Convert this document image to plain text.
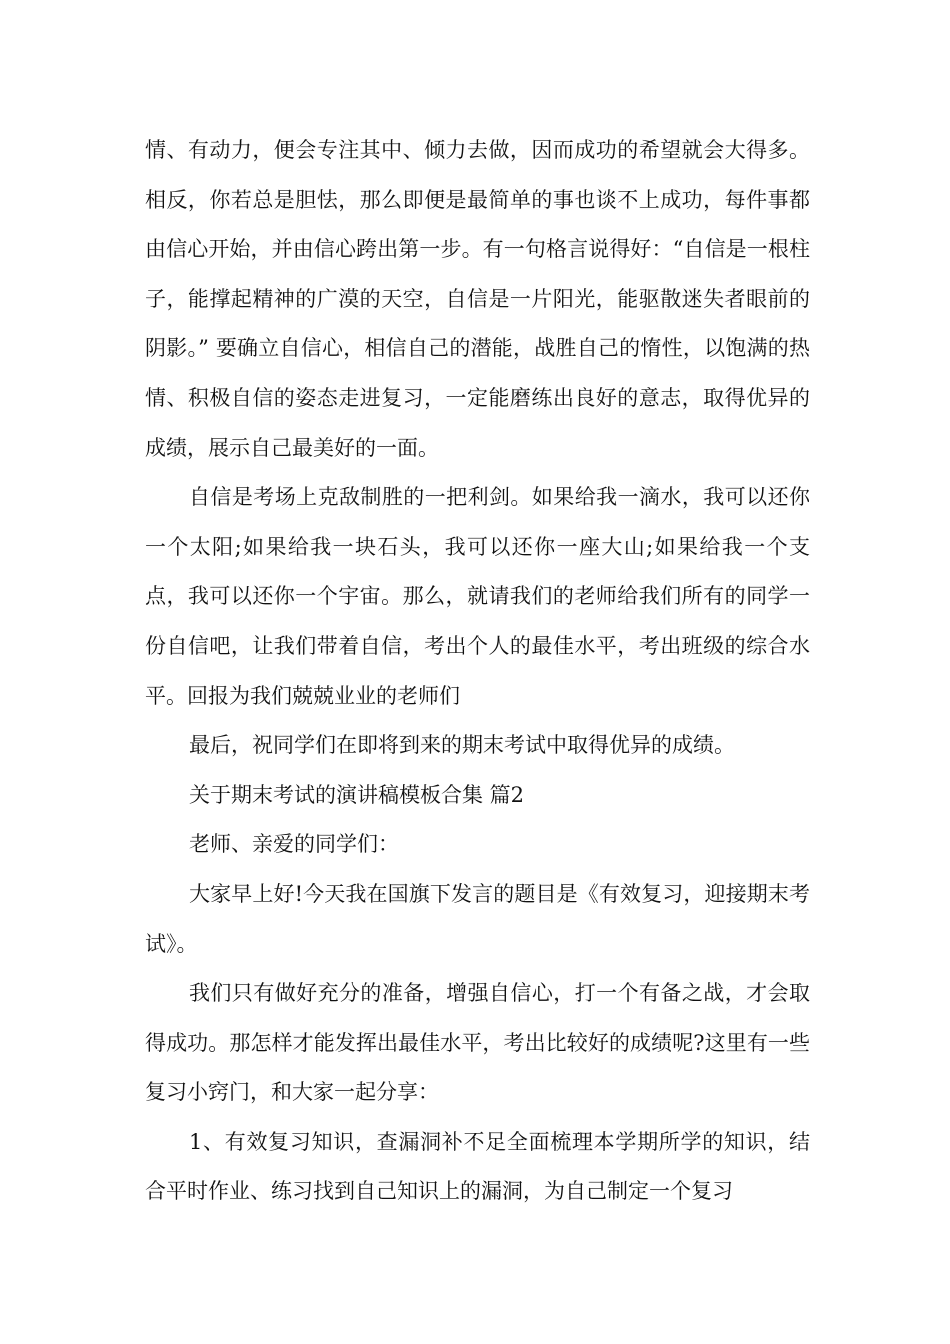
情、有动力，便会专注其中、倾力去做，因而成功的希望就会大得多。相反，你若总是胆怯，那么即便是最简单的事也谈不上成功，每件事都由信心开始，并由信心跨出第一步。有一句格言说得好：“自信是一根柱子，能撑起精神的广漠的天空，自信是一片阳光，能驱散迷失者眼前的阴影。” 要确立自信心，相信自己的潜能，战胜自己的惰性，以饱满的热情、积极自信的姿态走进复习，一定能磨练出良好的意志，取得优异的成绩，展示自己最美好的一面。

自信是考场上克敌制胜的一把利剑。如果给我一滴水，我可以还你一个太阳;如果给我一块石头，我可以还你一座大山;如果给我一个支点，我可以还你一个宇宙。那么，就请我们的老师给我们所有的同学一份自信吧，让我们带着自信，考出个人的最佳水平，考出班级的综合水平。回报为我们兢兢业业的老师们

最后，祝同学们在即将到来的期末考试中取得优异的成绩。

关于期末考试的演讲稿模板合集 篇2

老师、亲爱的同学们：

大家早上好!今天我在国旗下发言的题目是《有效复习，迎接期末考试》。

我们只有做好充分的准备，增强自信心，打一个有备之战，才会取得成功。那怎样才能发挥出最佳水平，考出比较好的成绩呢?这里有一些复习小窍门，和大家一起分享：

1、有效复习知识，查漏洞补不足全面梳理本学期所学的知识，结合平时作业、练习找到自己知识上的漏洞，为自己制定一个复习
